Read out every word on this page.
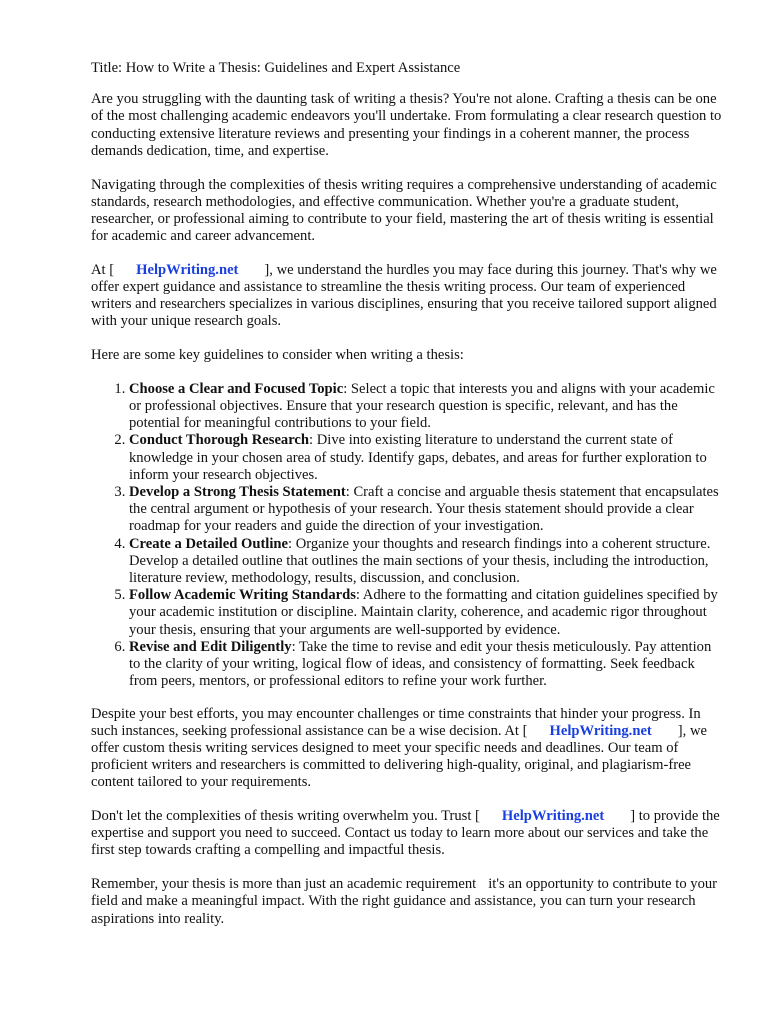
Title: How to Write a Thesis: Guidelines and Expert Assistance

Are you struggling with the daunting task of writing a thesis? You're not alone. Crafting a thesis can be one of the most challenging academic endeavors you'll undertake. From formulating a clear research question to conducting extensive literature reviews and presenting your findings in a coherent manner, the process demands dedication, time, and expertise.

Navigating through the complexities of thesis writing requires a comprehensive understanding of academic standards, research methodologies, and effective communication. Whether you're a graduate student, researcher, or professional aiming to contribute to your field, mastering the art of thesis writing is essential for academic and career advancement.

At [ HelpWriting.net ], we understand the hurdles you may face during this journey. That's why we offer expert guidance and assistance to streamline the thesis writing process. Our team of experienced writers and researchers specializes in various disciplines, ensuring that you receive tailored support aligned with your unique research goals.

Here are some key guidelines to consider when writing a thesis:

1. Choose a Clear and Focused Topic: Select a topic that interests you and aligns with your academic or professional objectives. Ensure that your research question is specific, relevant, and has the potential for meaningful contributions to your field.
2. Conduct Thorough Research: Dive into existing literature to understand the current state of knowledge in your chosen area of study. Identify gaps, debates, and areas for further exploration to inform your research objectives.
3. Develop a Strong Thesis Statement: Craft a concise and arguable thesis statement that encapsulates the central argument or hypothesis of your research. Your thesis statement should provide a clear roadmap for your readers and guide the direction of your investigation.
4. Create a Detailed Outline: Organize your thoughts and research findings into a coherent structure. Develop a detailed outline that outlines the main sections of your thesis, including the introduction, literature review, methodology, results, discussion, and conclusion.
5. Follow Academic Writing Standards: Adhere to the formatting and citation guidelines specified by your academic institution or discipline. Maintain clarity, coherence, and academic rigor throughout your thesis, ensuring that your arguments are well-supported by evidence.
6. Revise and Edit Diligently: Take the time to revise and edit your thesis meticulously. Pay attention to the clarity of your writing, logical flow of ideas, and consistency of formatting. Seek feedback from peers, mentors, or professional editors to refine your work further.

Despite your best efforts, you may encounter challenges or time constraints that hinder your progress. In such instances, seeking professional assistance can be a wise decision. At [ HelpWriting.net ], we offer custom thesis writing services designed to meet your specific needs and deadlines. Our team of proficient writers and researchers is committed to delivering high-quality, original, and plagiarism-free content tailored to your requirements.

Don't let the complexities of thesis writing overwhelm you. Trust [ HelpWriting.net ] to provide the expertise and support you need to succeed. Contact us today to learn more about our services and take the first step towards crafting a compelling and impactful thesis.

Remember, your thesis is more than just an academic requirement it's an opportunity to contribute to your field and make a meaningful impact. With the right guidance and assistance, you can turn your research aspirations into reality.
